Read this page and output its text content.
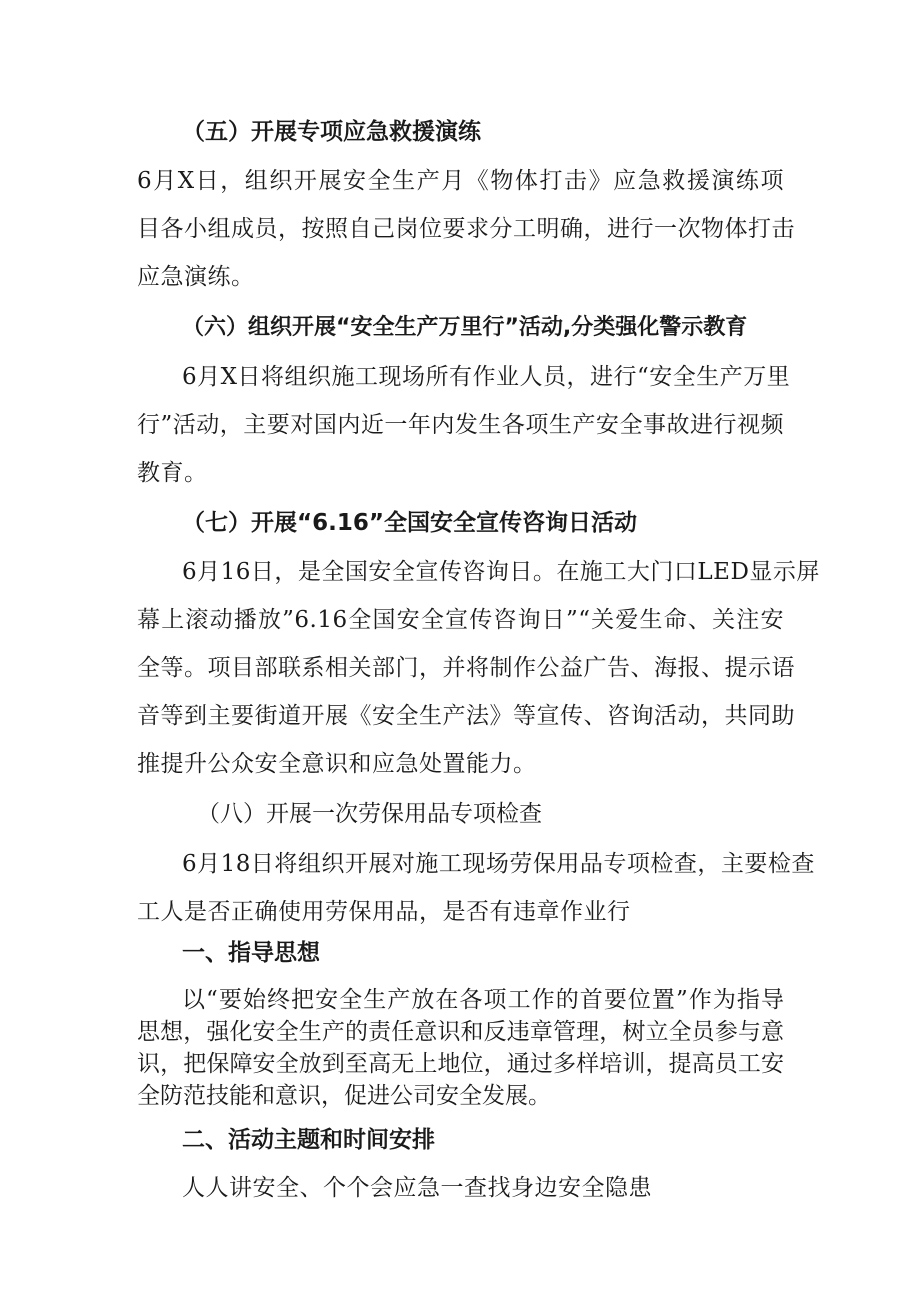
（五）开展专项应急救援演练
6月X日，组织开展安全生产月《物体打击》应急救援演练项
目各小组成员，按照自己岗位要求分工明确，进行一次物体打击
应急演练。
（六）组织开展“安全生产万里行”活动,分类强化警示教育
6月X日将组织施工现场所有作业人员，进行“安全生产万里
行”活动，主要对国内近一年内发生各项生产安全事故进行视频
教育。
（七）开展“6.16”全国安全宣传咨询日活动
6月16日，是全国安全宣传咨询日。在施工大门口LED显示屏
幕上滚动播放”6.16全国安全宣传咨询日”“关爱生命、关注安
全等。项目部联系相关部门，并将制作公益广告、海报、提示语
音等到主要街道开展《安全生产法》等宣传、咨询活动，共同助
推提升公众安全意识和应急处置能力。
（八）开展一次劳保用品专项检查
6月18日将组织开展对施工现场劳保用品专项检查，主要检查
工人是否正确使用劳保用品，是否有违章作业行
一、指导思想
以“要始终把安全生产放在各项工作的首要位置”作为指导
思想，强化安全生产的责任意识和反违章管理，树立全员参与意
识，把保障安全放到至高无上地位，通过多样培训，提高员工安
全防范技能和意识，促进公司安全发展。
二、活动主题和时间安排
人人讲安全、个个会应急一查找身边安全隐患
